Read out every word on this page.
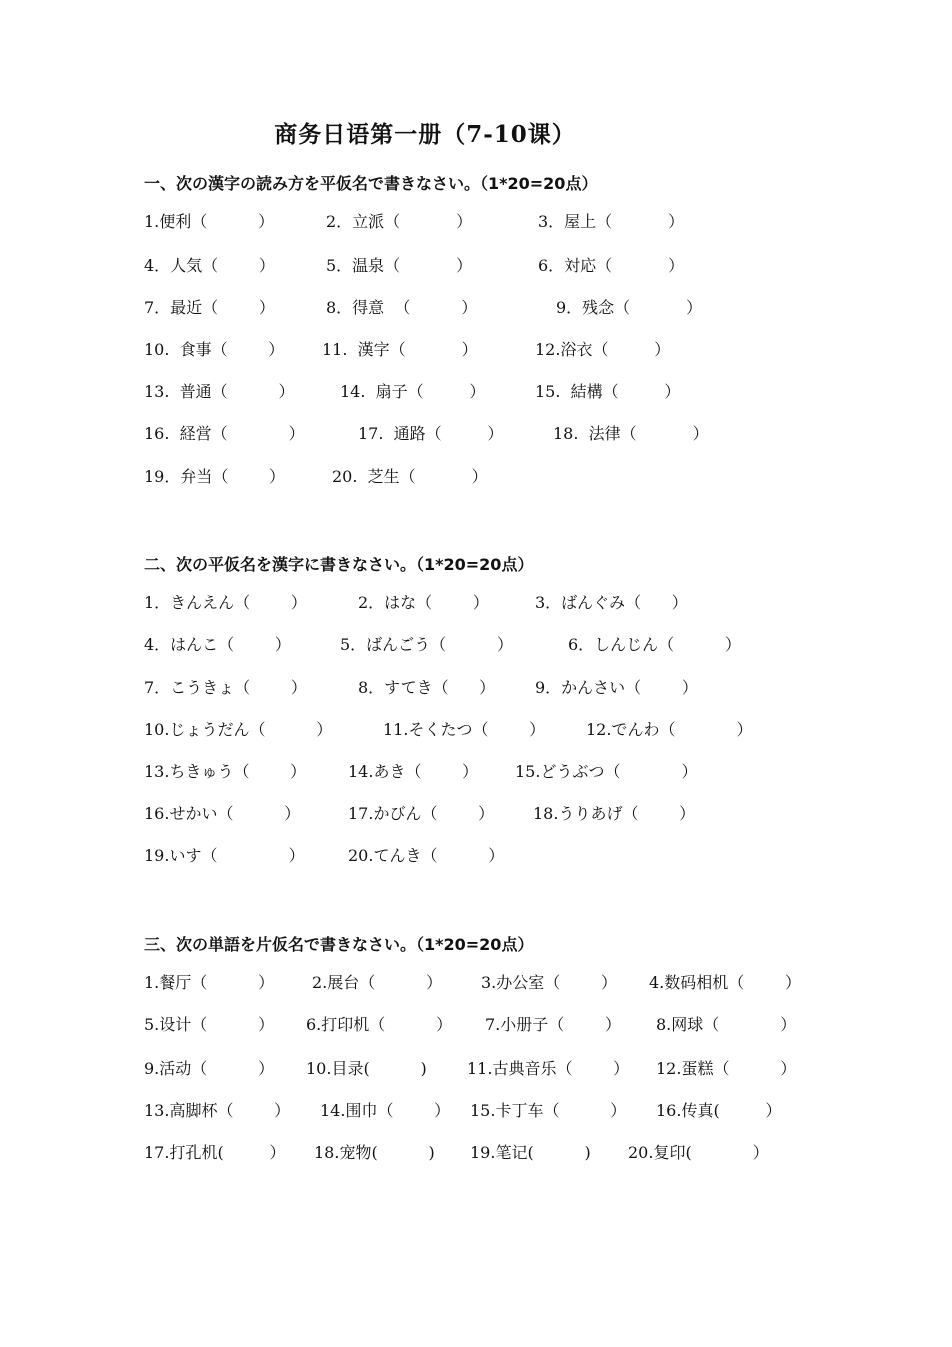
商务日语第一册（7-10课）
一、次の漢字の読み方を平仮名で書きなさい。（1*20=20点）
1.便利（          ）	2．立派（           ）	3．屋上（           ）
4．人気（        ）	5．温泉（           ）	6．対応（           ）
7．最近（        ）	8．得意  （          ）	9．残念（           ）
10.  食事（        ） 11.  漢字（           ）	12.浴衣（         ）
13.  普通（          ）	14.  扇子（         ）	15.  結構（         ）
16.  経営（            ）	17.  通路（         ）	18.  法律（           ）
19．弁当（        ）	20.  芝生（           ）
二、次の平仮名を漢字に書きなさい。（1*20=20点）
1．きんえん（        ）	2．はな（        ）	3．ばんぐみ（      ）
4．はんこ（        ）	5．ばんごう（          ）	6．しんじん（          ）
7．こうきょ（        ）	8．すてき（      ） 9．かんさい（        ）
10.じょうだん（          ）	11.そくたつ（        ）	12.でんわ（            ）
13.ちきゅう（        ）	14.あき（        ） 15.どうぶつ（            ）
16.せかい（          ）	17.かびん（        ） 18.うりあげ（        ）
19.いす（              ）	20.てんき（          ）
三、次の単語を片仮名で書きなさい。（1*20=20点）
1.餐厅（          ） 2.展台（          ） 3.办公室（        ） 4.数码相机（        ）
5.设计（          ） 6.打印机（          ） 7.小册子（        ） 8.网球（            ）
9.活动（          ） 10.目录(          )	11.古典音乐（        ） 12.蛋糕（          ）
13.高脚杯（        ） 14.围巾（        ） 15.卡丁车（          ） 16.传真(         ）
17.打孔机(         ） 18.宠物(          ) 19.笔记(          ) 20.复印(            ）
